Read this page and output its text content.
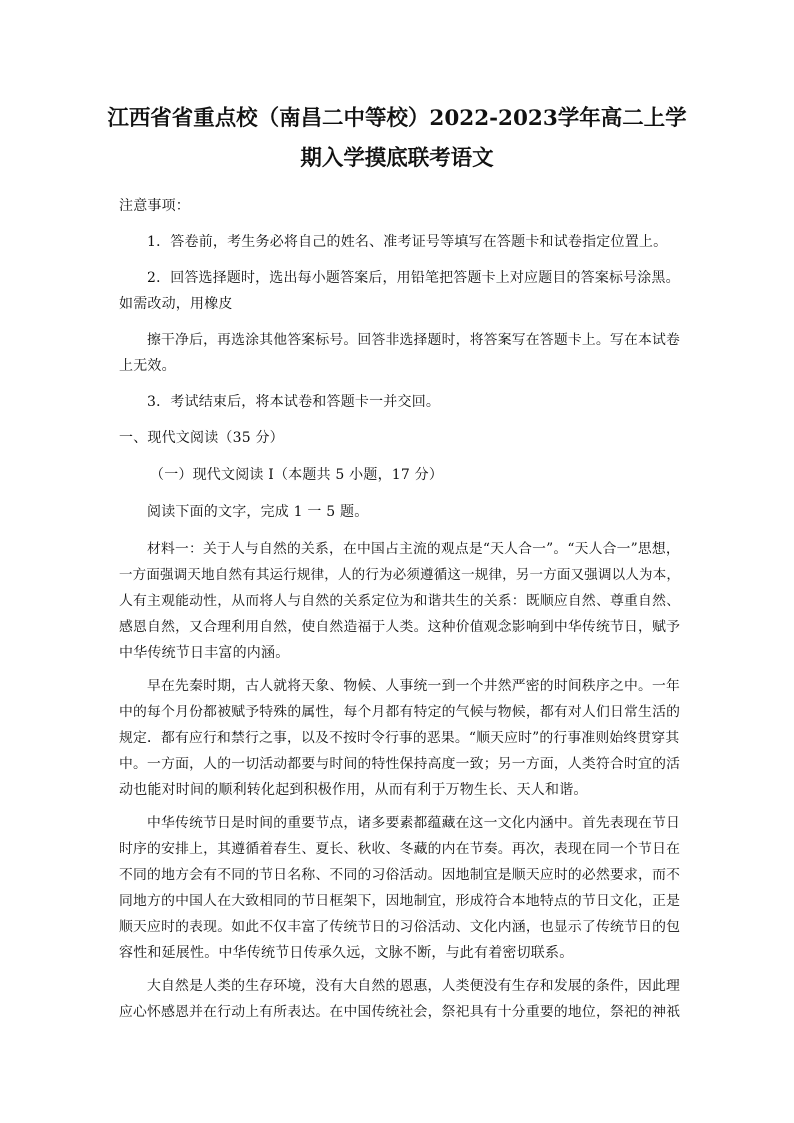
江西省省重点校（南昌二中等校）2022-2023学年高二上学
期入学摸底联考语文
注意事项：
1．答卷前，考生务必将自己的姓名、准考证号等填写在答题卡和试卷指定位置上。
2．回答选择题时，选出每小题答案后，用铅笔把答题卡上对应题目的答案标号涂黑。
如需改动，用橡皮
擦干净后，再选涂其他答案标号。回答非选择题时，将答案写在答题卡上。写在本试卷
上无效。
3．考试结束后，将本试卷和答题卡一并交回。
一、现代文阅读（35 分）
（一）现代文阅读 I（本题共 5 小题，17 分）
阅读下面的文字，完成 1 一 5 题。
材料一：关于人与自然的关系，在中国占主流的观点是“天人合一”。“天人合一”思想，
一方面强调天地自然有其运行规律，人的行为必须遵循这一规律，另一方面又强调以人为本，
人有主观能动性，从而将人与自然的关系定位为和谐共生的关系：既顺应自然、尊重自然、
感恩自然，又合理利用自然，使自然造福于人类。这种价值观念影响到中华传统节日，赋予
中华传统节日丰富的内涵。
早在先秦时期，古人就将天象、物候、人事统一到一个井然严密的时间秩序之中。一年
中的每个月份都被赋予特殊的属性，每个月都有特定的气候与物候，都有对人们日常生活的
规定．都有应行和禁行之事，以及不按时令行事的恶果。“顺天应时”的行事准则始终贯穿其
中。一方面，人的一切活动都要与时间的特性保持高度一致；另一方面，人类符合时宜的活
动也能对时间的顺利转化起到积极作用，从而有利于万物生长、天人和谐。
中华传统节日是时间的重要节点，诸多要素都蕴藏在这一文化内涵中。首先表现在节日
时序的安排上，其遵循着春生、夏长、秋收、冬藏的内在节奏。再次，表现在同一个节日在
不同的地方会有不同的节日名称、不同的习俗活动。因地制宜是顺天应时的必然要求，而不
同地方的中国人在大致相同的节日框架下，因地制宜，形成符合本地特点的节日文化，正是
顺天应时的表现。如此不仅丰富了传统节日的习俗活动、文化内涵，也显示了传统节日的包
容性和延展性。中华传统节日传承久远，文脉不断，与此有着密切联系。
大自然是人类的生存环境，没有大自然的恩惠，人类便没有生存和发展的条件，因此理
应心怀感恩并在行动上有所表达。在中国传统社会，祭祀具有十分重要的地位，祭祀的神祇
